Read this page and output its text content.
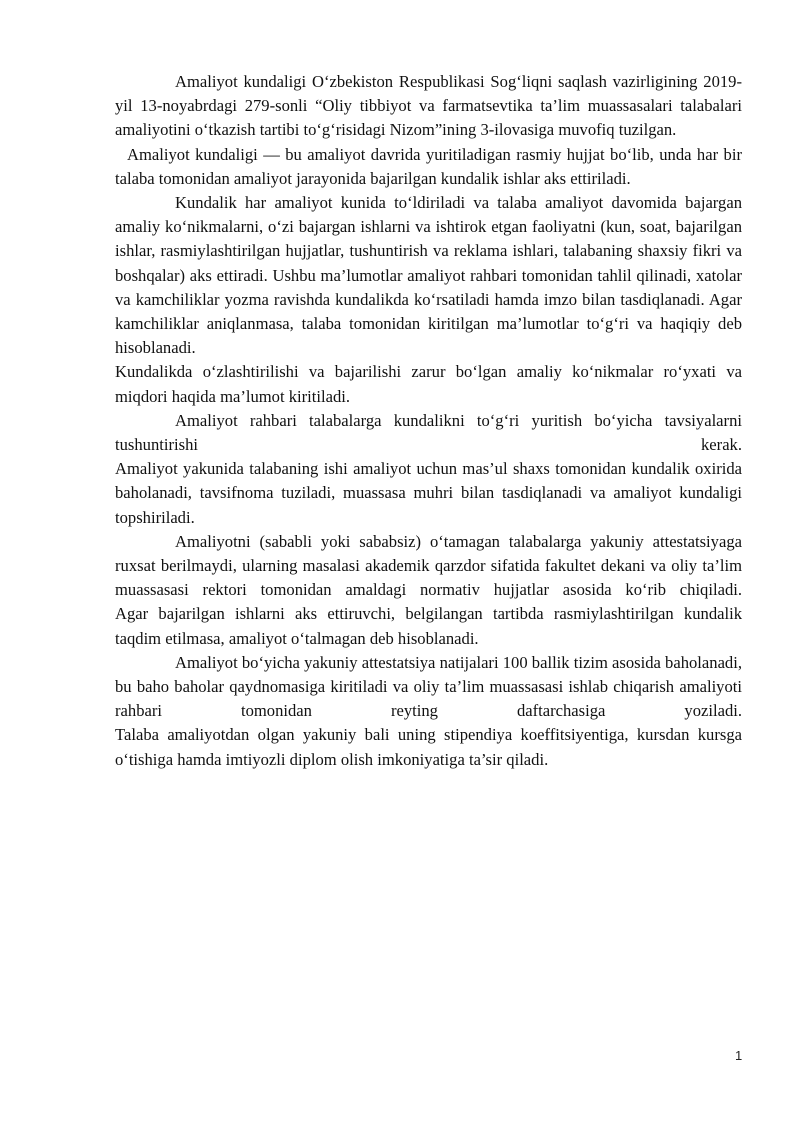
Amaliyot kundaligi O‘zbekiston Respublikasi Sog‘liqni saqlash vazirligining 2019-yil 13-noyabrdagi 279-sonli “Oliy tibbiyot va farmatsevtika ta’lim muassasalari talabalari amaliyotini o‘tkazish tartibi to‘g‘risidagi Nizom”ining 3-ilovasiga muvofiq tuzilgan.

Amaliyot kundaligi — bu amaliyot davrida yuritiladigan rasmiy hujjat bo‘lib, unda har bir talaba tomonidan amaliyot jarayonida bajarilgan kundalik ishlar aks ettiriladi.

Kundalik har amaliyot kunida to‘ldiriladi va talaba amaliyot davomida bajargan amaliy ko‘nikmalarni, o‘zi bajargan ishlarni va ishtirok etgan faoliyatni (kun, soat, bajarilgan ishlar, rasmiylashtirilgan hujjatlar, tushuntirish va reklama ishlari, talabaning shaxsiy fikri va boshqalar) aks ettiradi. Ushbu ma’lumotlar amaliyot rahbari tomonidan tahlil qilinadi, xatolar va kamchiliklar yozma ravishda kundalikda ko‘rsatiladi hamda imzo bilan tasdiqlanadi. Agar kamchiliklar aniqlanmasa, talaba tomonidan kiritilgan ma’lumotlar to‘g‘ri va haqiqiy deb hisoblanadi.

Kundalikda o‘zlashtirilishi va bajarilishi zarur bo‘lgan amaliy ko‘nikmalar ro‘yxati va miqdori haqida ma’lumot kiritiladi.

Amaliyot rahbari talabalarga kundalikni to‘g‘ri yuritish bo‘yicha tavsiyalarni tushuntirishi kerak.

Amaliyot yakunida talabaning ishi amaliyot uchun mas’ul shaxs tomonidan kundalik oxirida baholanadi, tavsifnoma tuziladi, muassasa muhri bilan tasdiqlanadi va amaliyot kundaligi topshiriladi.

Amaliyotni (sababli yoki sababsiz) o‘tamagan talabalarga yakuniy attestatsiyaga ruxsat berilmaydi, ularning masalasi akademik qarzdor sifatida fakultet dekani va oliy ta’lim muassasasi rektori tomonidan amaldagi normativ hujjatlar asosida ko‘rib chiqiladi.

Agar bajarilgan ishlarni aks ettiruvchi, belgilangan tartibda rasmiylashtirilgan kundalik taqdim etilmasa, amaliyot o‘talmagan deb hisoblanadi.

Amaliyot bo‘yicha yakuniy attestatsiya natijalari 100 ballik tizim asosida baholanadi, bu baho baholar qaydnomasiga kiritiladi va oliy ta’lim muassasasi ishlab chiqarish amaliyoti rahbari tomonidan reyting daftarchasiga yoziladi.

Talaba amaliyotdan olgan yakuniy bali uning stipendiya koeffitsiyentiga, kursdan kursga o‘tishiga hamda imtiyozli diplom olish imkoniyatiga ta’sir qiladi.

1
